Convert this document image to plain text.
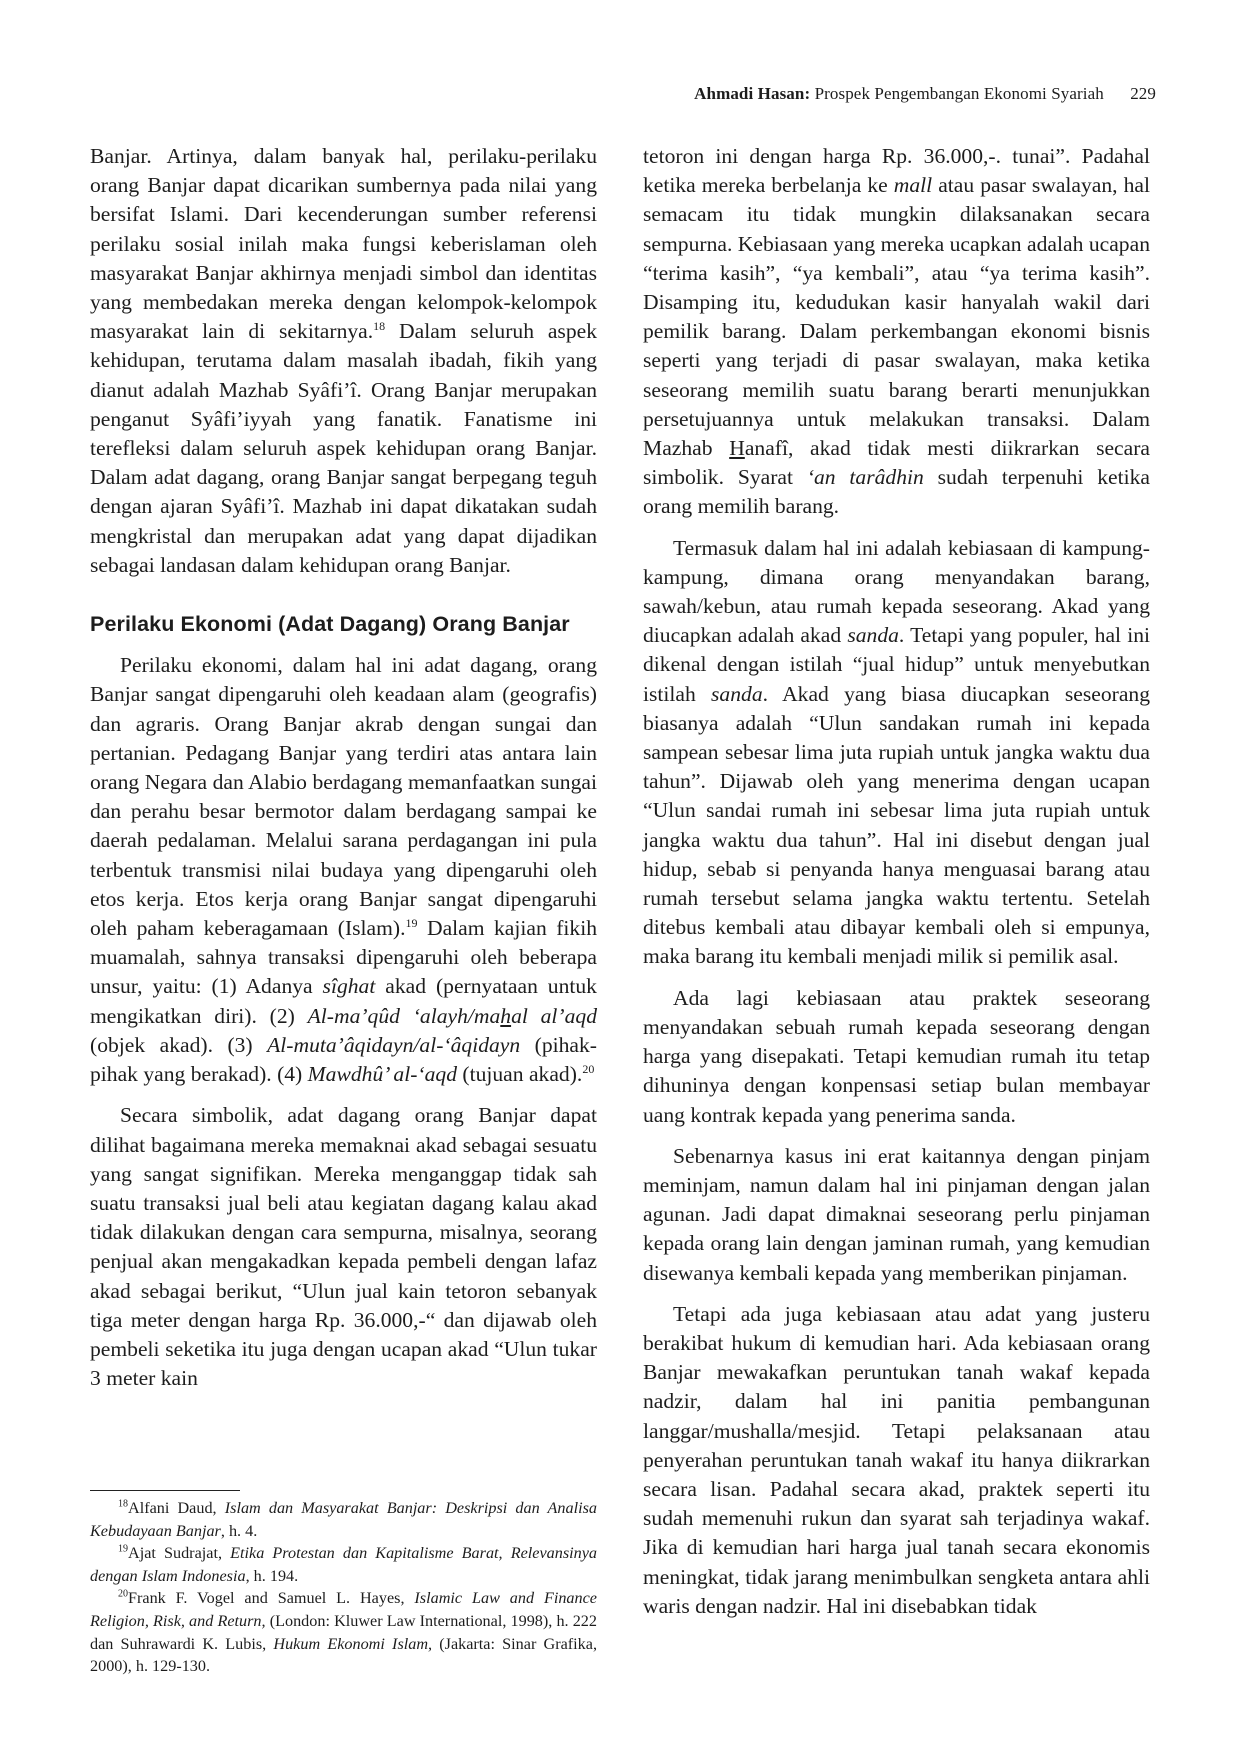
Ahmadi Hasan: Prospek Pengembangan Ekonomi Syariah 229

Banjar. Artinya, dalam banyak hal, perilaku-perilaku orang Banjar dapat dicarikan sumbernya pada nilai yang bersifat Islami. Dari kecenderungan sumber referensi perilaku sosial inilah maka fungsi keberislaman oleh masyarakat Banjar akhirnya menjadi simbol dan identitas yang membedakan mereka dengan kelompok-kelompok masyarakat lain di sekitarnya.$^{18}$ Dalam seluruh aspek kehidupan, terutama dalam masalah ibadah, fikih yang dianut adalah Mazhab Syâfi’î. Orang Banjar merupakan penganut Syâfi’iyyah yang fanatik. Fanatisme ini terefleksi dalam seluruh aspek kehidupan orang Banjar. Dalam adat dagang, orang Banjar sangat berpegang teguh dengan ajaran Syâfi’î. Mazhab ini dapat dikatakan sudah mengkristal dan merupakan adat yang dapat dijadikan sebagai landasan dalam kehidupan orang Banjar.

Perilaku Ekonomi (Adat Dagang) Orang Banjar

Perilaku ekonomi, dalam hal ini adat dagang, orang Banjar sangat dipengaruhi oleh keadaan alam (geografis) dan agraris. Orang Banjar akrab dengan sungai dan pertanian. Pedagang Banjar yang terdiri atas antara lain orang Negara dan Alabio berdagang memanfaatkan sungai dan perahu besar bermotor dalam berdagang sampai ke daerah pedalaman. Melalui sarana perdagangan ini pula terbentuk transmisi nilai budaya yang dipengaruhi oleh etos kerja. Etos kerja orang Banjar sangat dipengaruhi oleh paham keberagamaan (Islam).$^{19}$ Dalam kajian fikih muamalah, sahnya transaksi dipengaruhi oleh beberapa unsur, yaitu: (1) Adanya sîghat akad (pernyataan untuk mengikatkan diri). (2) Al-ma’qûd ‘alayh/mahal al’aqd (objek akad). (3) Al-muta’âqidayn/al-‘âqidayn (pihak-pihak yang berakad). (4) Mawdhû’ al-‘aqd (tujuan akad).$^{20}$

Secara simbolik, adat dagang orang Banjar dapat dilihat bagaimana mereka memaknai akad sebagai sesuatu yang sangat signifikan. Mereka menganggap tidak sah suatu transaksi jual beli atau kegiatan dagang kalau akad tidak dilakukan dengan cara sempurna, misalnya, seorang penjual akan mengakadkan kepada pembeli dengan lafaz akad sebagai berikut, “Ulun jual kain tetoron sebanyak tiga meter dengan harga Rp. 36.000,-“ dan dijawab oleh pembeli seketika itu juga dengan ucapan akad “Ulun tukar 3 meter kain

tetoron ini dengan harga Rp. 36.000,-. tunai”. Padahal ketika mereka berbelanja ke mall atau pasar swalayan, hal semacam itu tidak mungkin dilaksanakan secara sempurna. Kebiasaan yang mereka ucapkan adalah ucapan “terima kasih”, “ya kembali”, atau “ya terima kasih”. Disamping itu, kedudukan kasir hanyalah wakil dari pemilik barang. Dalam perkembangan ekonomi bisnis seperti yang terjadi di pasar swalayan, maka ketika seseorang memilih suatu barang berarti menunjukkan persetujuannya untuk melakukan transaksi. Dalam Mazhab Hanafî, akad tidak mesti diikrarkan secara simbolik. Syarat ‘an tarâdhin sudah terpenuhi ketika orang memilih barang.

Termasuk dalam hal ini adalah kebiasaan di kampung-kampung, dimana orang menyandakan barang, sawah/kebun, atau rumah kepada seseorang. Akad yang diucapkan adalah akad sanda. Tetapi yang populer, hal ini dikenal dengan istilah “jual hidup” untuk menyebutkan istilah sanda. Akad yang biasa diucapkan seseorang biasanya adalah “Ulun sandakan rumah ini kepada sampean sebesar lima juta rupiah untuk jangka waktu dua tahun”. Dijawab oleh yang menerima dengan ucapan “Ulun sandai rumah ini sebesar lima juta rupiah untuk jangka waktu dua tahun”. Hal ini disebut dengan jual hidup, sebab si penyanda hanya menguasai barang atau rumah tersebut selama jangka waktu tertentu. Setelah ditebus kembali atau dibayar kembali oleh si empunya, maka barang itu kembali menjadi milik si pemilik asal.

Ada lagi kebiasaan atau praktek seseorang menyandakan sebuah rumah kepada seseorang dengan harga yang disepakati. Tetapi kemudian rumah itu tetap dihuninya dengan konpensasi setiap bulan membayar uang kontrak kepada yang penerima sanda.

Sebenarnya kasus ini erat kaitannya dengan pinjam meminjam, namun dalam hal ini pinjaman dengan jalan agunan. Jadi dapat dimaknai seseorang perlu pinjaman kepada orang lain dengan jaminan rumah, yang kemudian disewanya kembali kepada yang memberikan pinjaman.

Tetapi ada juga kebiasaan atau adat yang justeru berakibat hukum di kemudian hari. Ada kebiasaan orang Banjar mewakafkan peruntukan tanah wakaf kepada nadzir, dalam hal ini panitia pembangunan langgar/mushalla/mesjid. Tetapi pelaksanaan atau penyerahan peruntukan tanah wakaf itu hanya diikrarkan secara lisan. Padahal secara akad, praktek seperti itu sudah memenuhi rukun dan syarat sah terjadinya wakaf. Jika di kemudian hari harga jual tanah secara ekonomis meningkat, tidak jarang menimbulkan sengketa antara ahli waris dengan nadzir. Hal ini disebabkan tidak

$^{18}$Alfani Daud, Islam dan Masyarakat Banjar: Deskripsi dan Analisa Kebudayaan Banjar, h. 4.

$^{19}$Ajat Sudrajat, Etika Protestan dan Kapitalisme Barat, Relevansinya dengan Islam Indonesia, h. 194.

$^{20}$Frank F. Vogel and Samuel L. Hayes, Islamic Law and Finance Religion, Risk, and Return, (London: Kluwer Law International, 1998), h. 222 dan Suhrawardi K. Lubis, Hukum Ekonomi Islam, (Jakarta: Sinar Grafika, 2000), h. 129-130.
